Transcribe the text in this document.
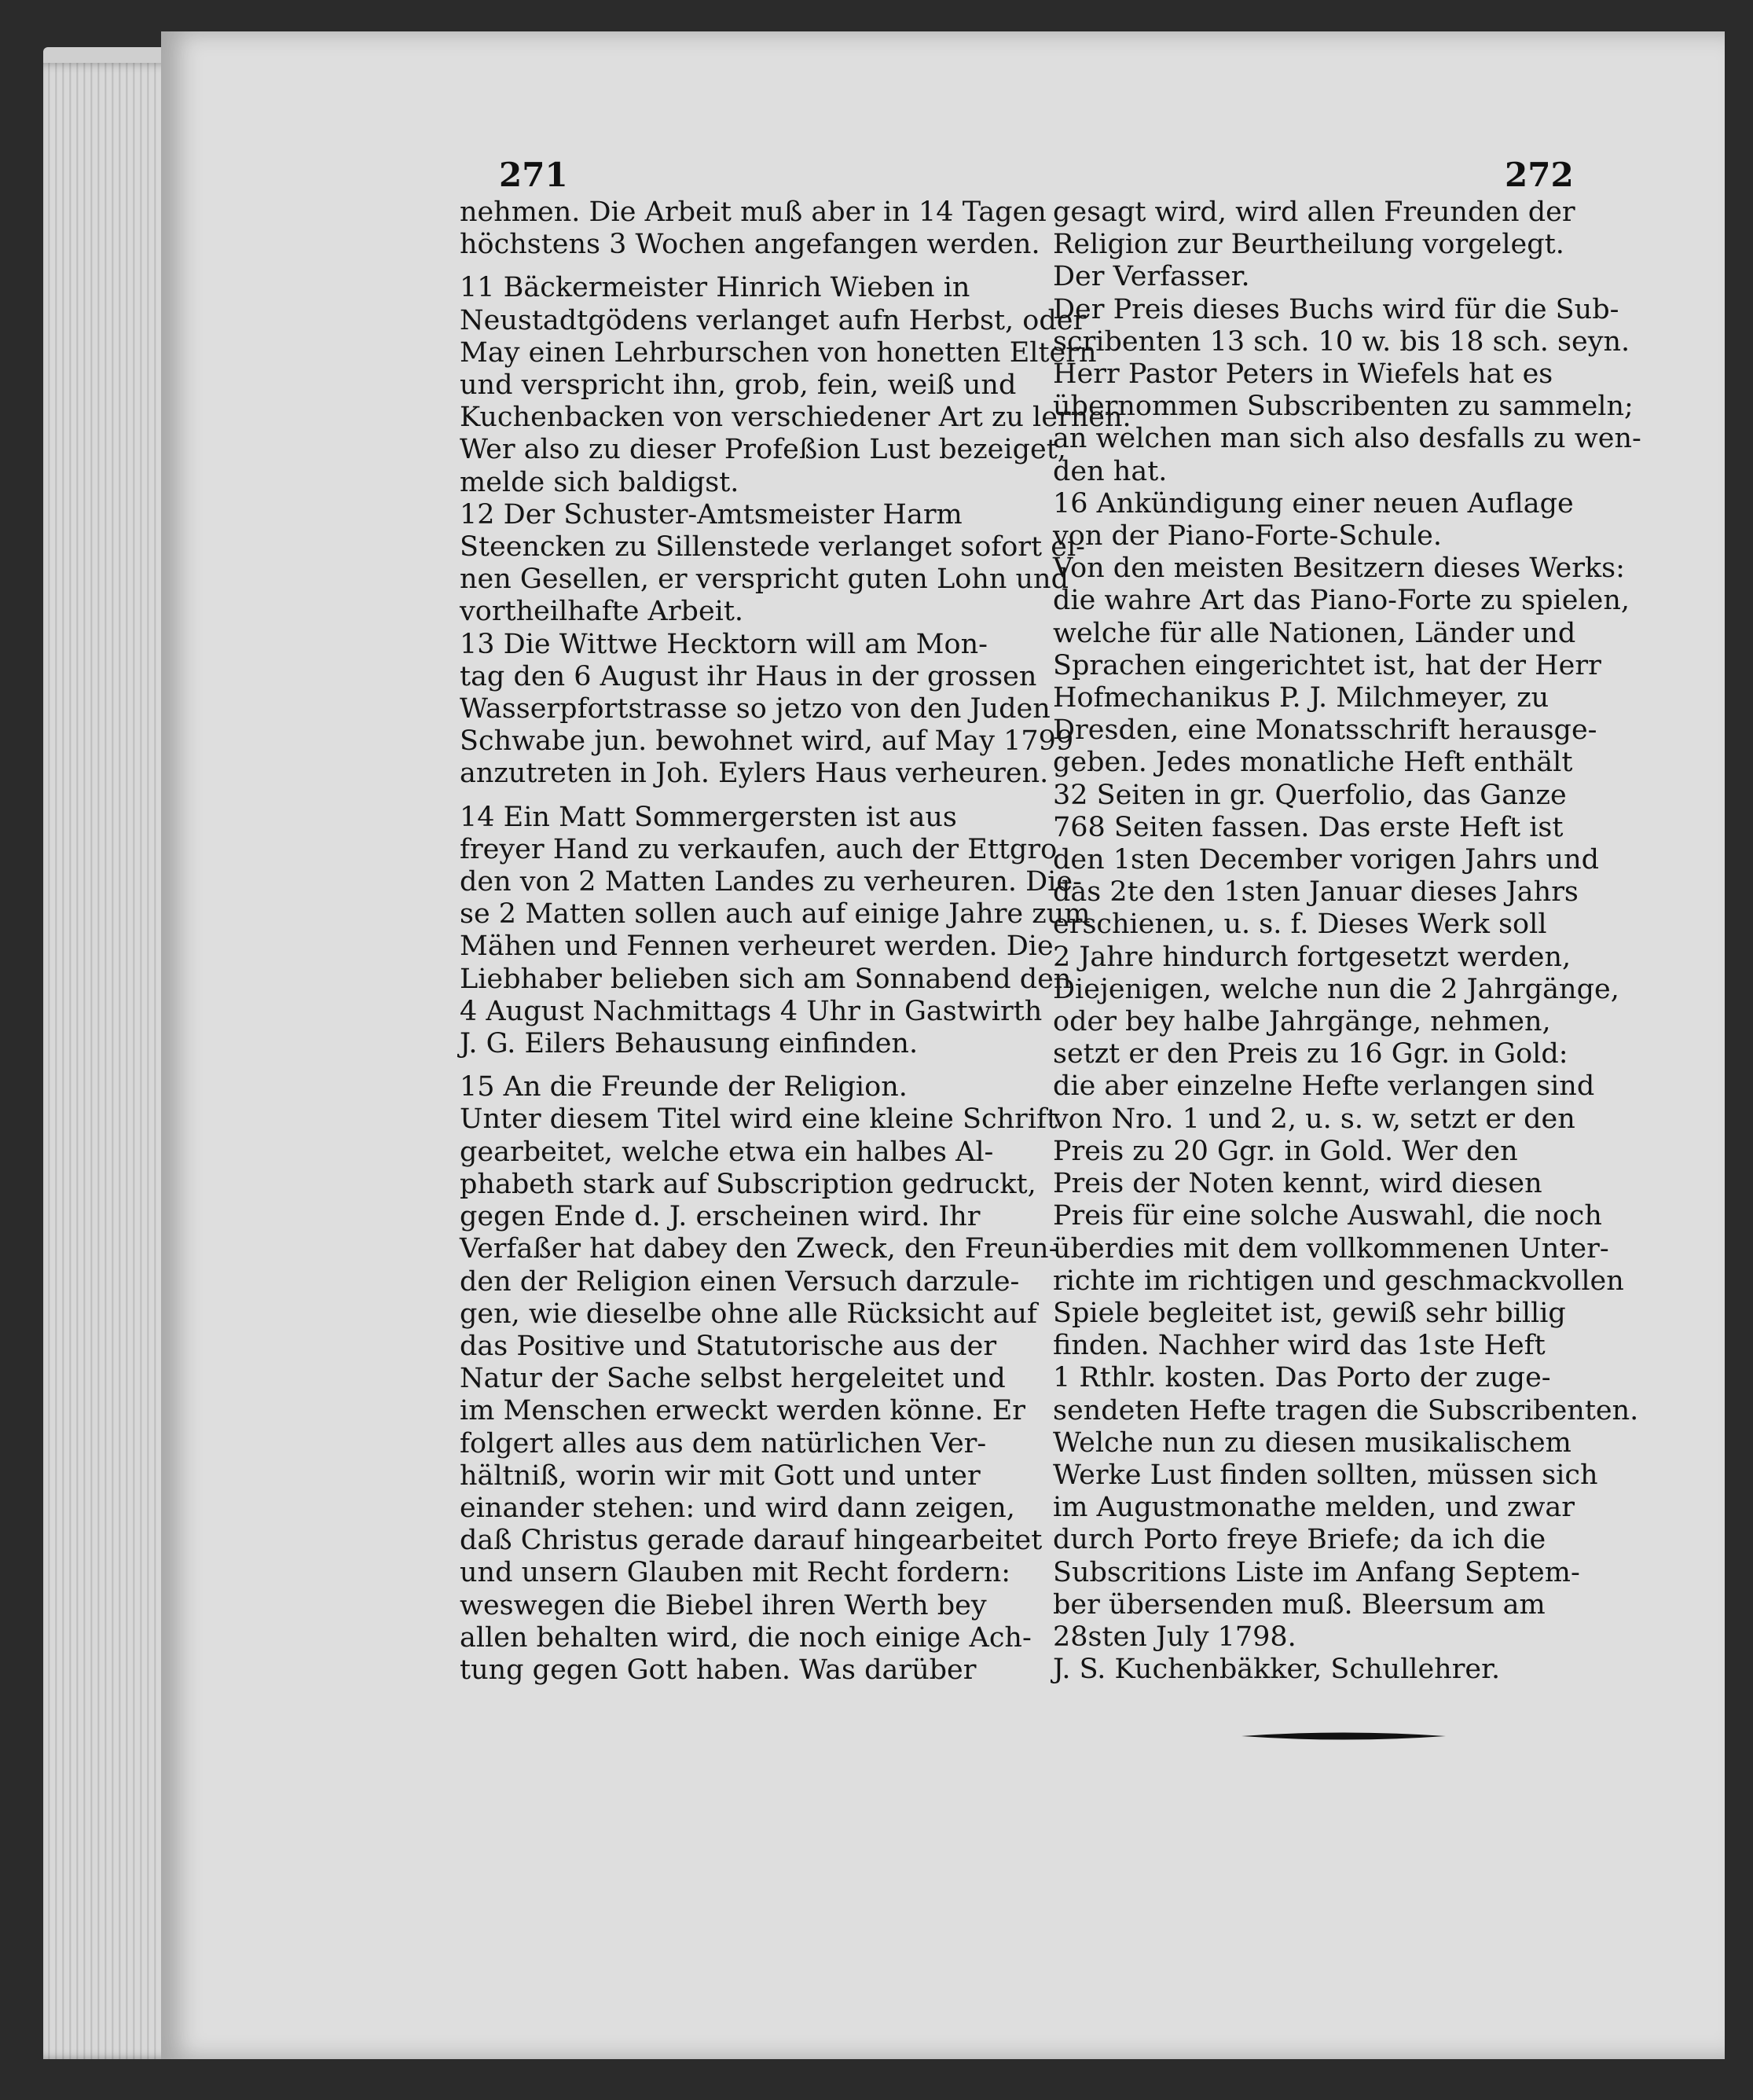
271	272
nehmen. Die Arbeit muß aber in 14 Tagen
höchstens 3 Wochen angefangen werden.
11 Bäckermeister Hinrich Wieben in
Neustadtgödens verlanget aufn Herbst, oder
May einen Lehrburschen von honetten Eltern
und verspricht ihn, grob, fein, weiß und
Kuchenbacken von verschiedener Art zu lernen.
Wer also zu dieser Profeßion Lust bezeiget,
melde sich baldigst.
12 Der Schuster-Amtsmeister Harm
Steencken zu Sillenstede verlanget sofort ei-
nen Gesellen, er verspricht guten Lohn und
vortheilhafte Arbeit.
13 Die Wittwe Hecktorn will am Mon-
tag den 6 August ihr Haus in der grossen
Wasserpfortstrasse so jetzo von den Juden
Schwabe jun. bewohnet wird, auf May 1799
anzutreten in Joh. Eylers Haus verheuren.
14 Ein Matt Sommergersten ist aus
freyer Hand zu verkaufen, auch der Ettgro
den von 2 Matten Landes zu verheuren. Die-
se 2 Matten sollen auch auf einige Jahre zum
Mähen und Fennen verheuret werden. Die
Liebhaber belieben sich am Sonnabend den
4 August Nachmittags 4 Uhr in Gastwirth
J. G. Eilers Behausung einfinden.
15 An die Freunde der Religion.
Unter diesem Titel wird eine kleine Schrift
gearbeitet, welche etwa ein halbes Al-
phabeth stark auf Subscription gedruckt,
gegen Ende d. J. erscheinen wird. Ihr
Verfaßer hat dabey den Zweck, den Freun-
den der Religion einen Versuch darzule-
gen, wie dieselbe ohne alle Rücksicht auf
das Positive und Statutorische aus der
Natur der Sache selbst hergeleitet und
im Menschen erweckt werden könne. Er
folgert alles aus dem natürlichen Ver-
hältniß, worin wir mit Gott und unter
einander stehen: und wird dann zeigen,
daß Christus gerade darauf hingearbeitet
und unsern Glauben mit Recht fordern:
weswegen die Biebel ihren Werth bey
allen behalten wird, die noch einige Ach-
tung gegen Gott haben. Was darüber
gesagt wird, wird allen Freunden der
Religion zur Beurtheilung vorgelegt.
Der Verfasser.
Der Preis dieses Buchs wird für die Sub-
scribenten 13 sch. 10 w. bis 18 sch. seyn.
Herr Pastor Peters in Wiefels hat es
übernommen Subscribenten zu sammeln;
an welchen man sich also desfalls zu wen-
den hat.
16 Ankündigung einer neuen Auflage
von der Piano-Forte-Schule.
Von den meisten Besitzern dieses Werks:
die wahre Art das Piano-Forte zu spielen,
welche für alle Nationen, Länder und
Sprachen eingerichtet ist, hat der Herr
Hofmechanikus P. J. Milchmeyer, zu
Dresden, eine Monatsschrift herausge-
geben. Jedes monatliche Heft enthält
32 Seiten in gr. Querfolio, das Ganze
768 Seiten fassen. Das erste Heft ist
den 1sten December vorigen Jahrs und
das 2te den 1sten Januar dieses Jahrs
erschienen, u. s. f. Dieses Werk soll
2 Jahre hindurch fortgesetzt werden,
Diejenigen, welche nun die 2 Jahrgänge,
oder bey halbe Jahrgänge, nehmen,
setzt er den Preis zu 16 Ggr. in Gold:
die aber einzelne Hefte verlangen sind
von Nro. 1 und 2, u. s. w, setzt er den
Preis zu 20 Ggr. in Gold. Wer den
Preis der Noten kennt, wird diesen
Preis für eine solche Auswahl, die noch
überdies mit dem vollkommenen Unter-
richte im richtigen und geschmackvollen
Spiele begleitet ist, gewiß sehr billig
finden. Nachher wird das 1ste Heft
1 Rthlr. kosten. Das Porto der zuge-
sendeten Hefte tragen die Subscribenten.
Welche nun zu diesen musikalischem
Werke Lust finden sollten, müssen sich
im Augustmonathe melden, und zwar
durch Porto freye Briefe; da ich die
Subscritions Liste im Anfang Septem-
ber übersenden muß. Bleersum am
28sten July 1798.
J. S. Kuchenbäkker, Schullehrer.
